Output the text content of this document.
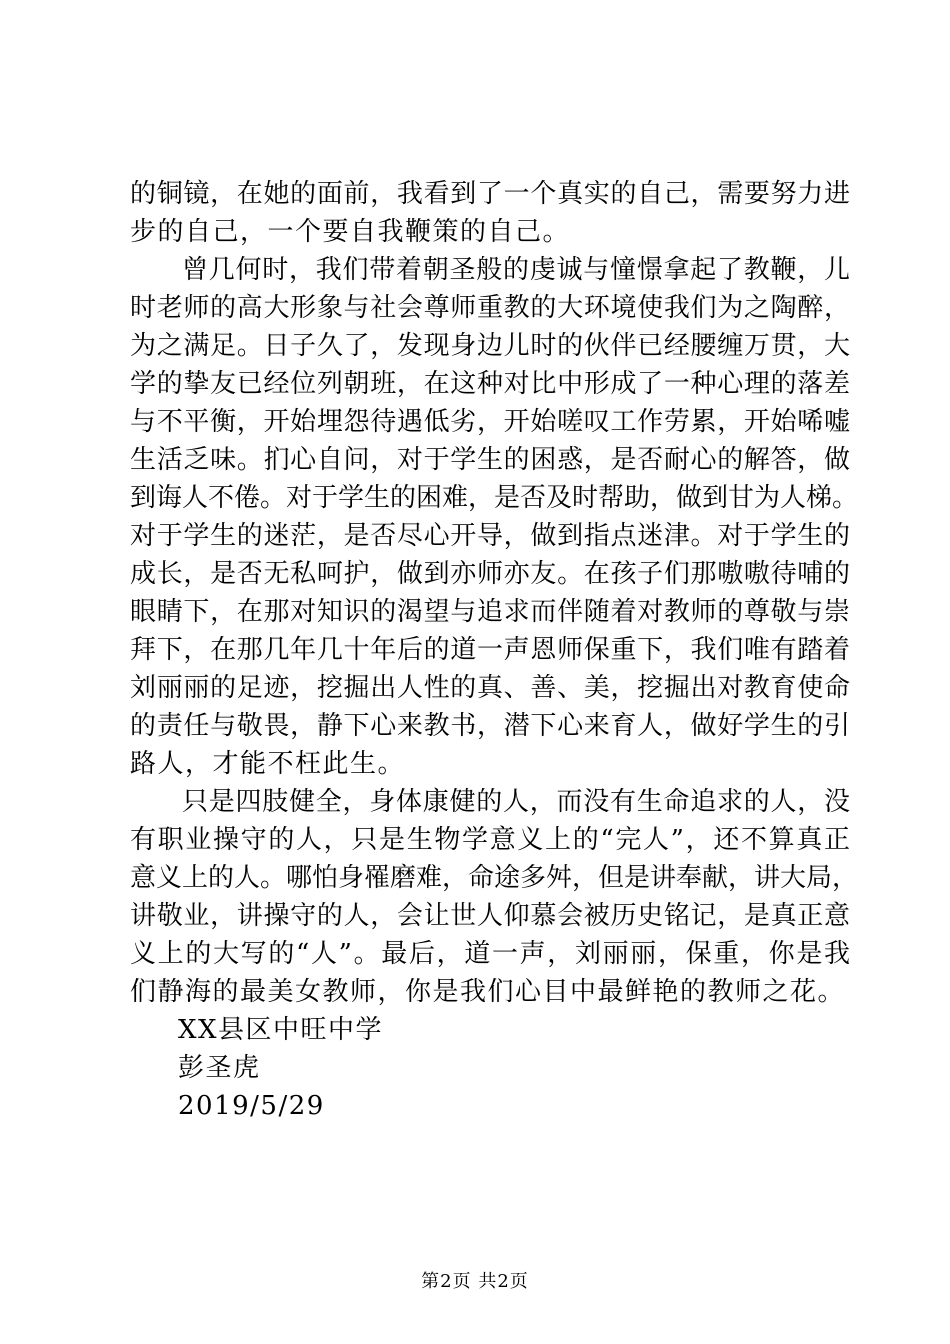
的铜镜，在她的面前，我看到了一个真实的自己，需要努力进
步的自己，一个要自我鞭策的自己。
曾几何时，我们带着朝圣般的虔诚与憧憬拿起了教鞭，儿
时老师的高大形象与社会尊师重教的大环境使我们为之陶醉，
为之满足。日子久了，发现身边儿时的伙伴已经腰缠万贯，大
学的挚友已经位列朝班，在这种对比中形成了一种心理的落差
与不平衡，开始埋怨待遇低劣，开始嗟叹工作劳累，开始唏嘘
生活乏味。扪心自问，对于学生的困惑，是否耐心的解答，做
到诲人不倦。对于学生的困难，是否及时帮助，做到甘为人梯。
对于学生的迷茫，是否尽心开导，做到指点迷津。对于学生的
成长，是否无私呵护，做到亦师亦友。在孩子们那嗷嗷待哺的
眼睛下，在那对知识的渴望与追求而伴随着对教师的尊敬与崇
拜下，在那几年几十年后的道一声恩师保重下，我们唯有踏着
刘丽丽的足迹，挖掘出人性的真、善、美，挖掘出对教育使命
的责任与敬畏，静下心来教书，潜下心来育人，做好学生的引
路人，才能不枉此生。
只是四肢健全，身体康健的人，而没有生命追求的人，没
有职业操守的人，只是生物学意义上的“完人”，还不算真正
意义上的人。哪怕身罹磨难，命途多舛，但是讲奉献，讲大局，
讲敬业，讲操守的人，会让世人仰慕会被历史铭记，是真正意
义上的大写的“人”。最后，道一声，刘丽丽，保重，你是我
们静海的最美女教师，你是我们心目中最鲜艳的教师之花。
XX县区中旺中学
彭圣虎
2019/5/29
第2页 共2页
